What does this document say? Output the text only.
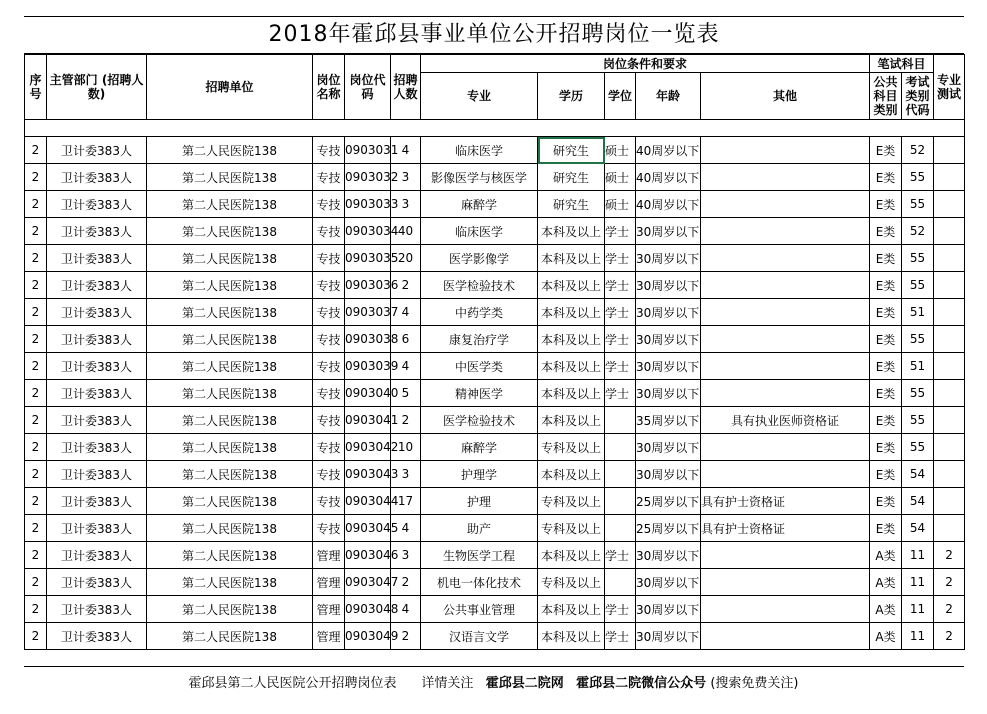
2018年霍邱县事业单位公开招聘岗位一览表
序号	主管部门 (招聘人数)	招聘单位	岗位名称	岗位代码	招聘人数	岗位条件和要求					笔试科目		专业测试
						专业	学历	学位	年龄	其他	公共科目类别	考试类别代码	

2	卫计委383人	第二人民医院138	专技	0903031	4	临床医学	研究生	硕士	40周岁以下		E类	52	
2	卫计委383人	第二人民医院138	专技	0903032	3	影像医学与核医学	研究生	硕士	40周岁以下		E类	55	
2	卫计委383人	第二人民医院138	专技	0903033	3	麻醉学	研究生	硕士	40周岁以下		E类	55	
2	卫计委383人	第二人民医院138	专技	0903034	40	临床医学	本科及以上	学士	30周岁以下		E类	52	
2	卫计委383人	第二人民医院138	专技	0903035	20	医学影像学	本科及以上	学士	30周岁以下		E类	55	
2	卫计委383人	第二人民医院138	专技	0903036	2	医学检验技术	本科及以上	学士	30周岁以下		E类	55	
2	卫计委383人	第二人民医院138	专技	0903037	4	中药学类	本科及以上	学士	30周岁以下		E类	51	
2	卫计委383人	第二人民医院138	专技	0903038	6	康复治疗学	本科及以上	学士	30周岁以下		E类	55	
2	卫计委383人	第二人民医院138	专技	0903039	4	中医学类	本科及以上	学士	30周岁以下		E类	51	
2	卫计委383人	第二人民医院138	专技	0903040	5	精神医学	本科及以上	学士	30周岁以下		E类	55	
2	卫计委383人	第二人民医院138	专技	0903041	2	医学检验技术	本科及以上		35周岁以下	具有执业医师资格证	E类	55	
2	卫计委383人	第二人民医院138	专技	0903042	10	麻醉学	专科及以上		30周岁以下		E类	55	
2	卫计委383人	第二人民医院138	专技	0903043	3	护理学	本科及以上		30周岁以下		E类	54	
2	卫计委383人	第二人民医院138	专技	0903044	17	护理	专科及以上		25周岁以下	具有护士资格证	E类	54	
2	卫计委383人	第二人民医院138	专技	0903045	4	助产	专科及以上		25周岁以下	具有护士资格证	E类	54	
2	卫计委383人	第二人民医院138	管理	0903046	3	生物医学工程	本科及以上	学士	30周岁以下		A类	11	2
2	卫计委383人	第二人民医院138	管理	0903047	2	机电一体化技术	专科及以上		30周岁以下		A类	11	2
2	卫计委383人	第二人民医院138	管理	0903048	4	公共事业管理	本科及以上	学士	30周岁以下		A类	11	2
2	卫计委383人	第二人民医院138	管理	0903049	2	汉语言文学	本科及以上	学士	30周岁以下		A类	11	2
霍邱县第二人民医院公开招聘岗位表 详情关注 霍邱县二院网 霍邱县二院微信公众号 (搜索免费关注)
